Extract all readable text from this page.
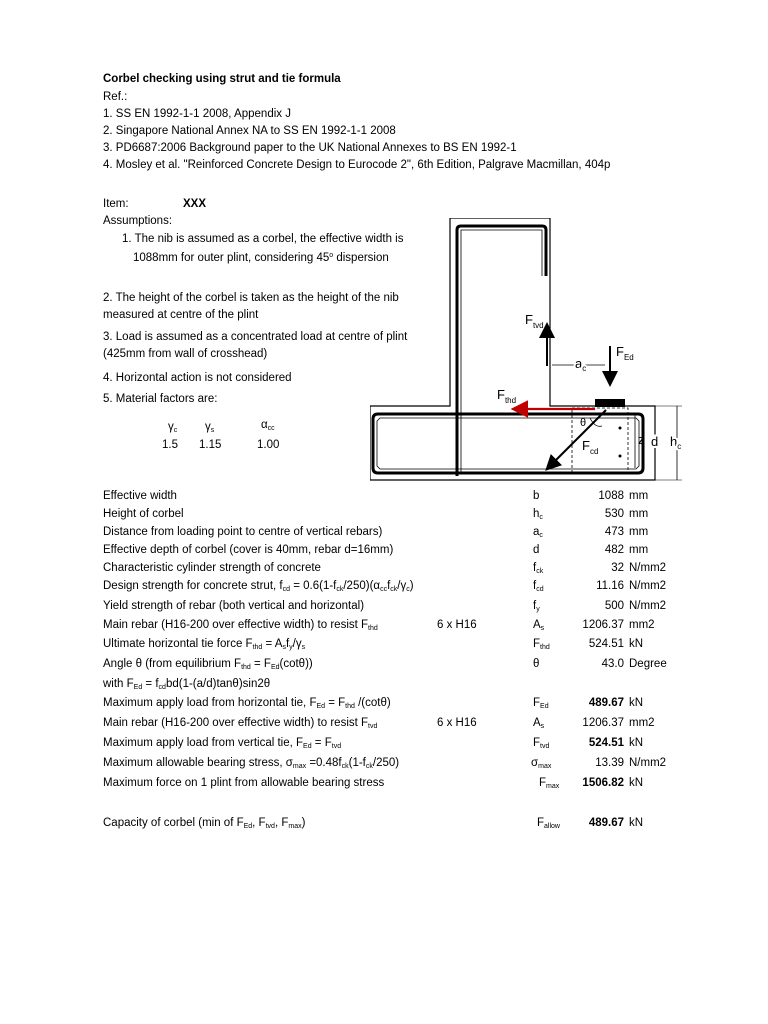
Corbel checking using strut and tie formula
Ref.:
1. SS EN 1992-1-1 2008, Appendix J
2. Singapore National Annex NA to SS EN 1992-1-1 2008
3. PD6687:2006 Background paper to the UK National Annexes to BS EN 1992-1
4. Mosley et al. "Reinforced Concrete Design to Eurocode 2", 6th Edition, Palgrave Macmillan, 404p
Item:	XXX
Assumptions:
1. The nib is assumed as a corbel, the effective width is
1088mm for outer plint, considering 45$^o$ dispersion
2. The height of the corbel is taken as the height of the nib
measured at centre of the plint
3. Load is assumed as a concentrated load at centre of plint
(425mm from wall of crosshead)
4. Horizontal action is not considered
5. Material factors are:
$\gamma_c$ $\gamma_s$	$\alpha_{cc}$
1.5 1.15	1.00
$F_{tvd}$
$F_{Ed}$
$a_c$
$F_{thd}$
$F_{cd}$
θ
z d $h_c$
Effective width	b	1088 mm
Height of corbel	$h_c$	530 mm
Distance from loading point to centre of vertical rebars)	$a_c$	473 mm
Effective depth of corbel (cover is 40mm, rebar d=16mm)	d	482 mm
Characteristic cylinder strength of concrete	$f_{ck}$	32 N/mm2
Design strength for concrete strut, $f_{cd} = 0.6(1-f_{ck}/250)(\alpha_{cc}f_{ck}/\gamma_c)$	$f_{cd}$	11.16 N/mm2
Yield strength of rebar (both vertical and horizontal)	$f_y$	500 N/mm2
Main rebar (H16-200 over effective width) to resist $F_{thd}$	6 x H16	$A_s$	1206.37 mm2
Ultimate horizontal tie force $F_{thd} = A_sf_y/\gamma_s$	$F_{thd}$	524.51 kN
Angle θ (from equilibrium $F_{thd} = F_{Ed}(\cot\theta)$)	θ	43.0 Degree
with $F_{Ed} = f_{cd}bd(1-(a/d)\tan\theta)\sin 2\theta$
Maximum apply load from horizontal tie, $F_{Ed} = F_{thd}$ /(cotθ)	$F_{Ed}$	489.67 kN
Main rebar (H16-200 over effective width) to resist $F_{tvd}$	6 x H16	$A_s$	1206.37 mm2
Maximum apply load from vertical tie, $F_{Ed} = F_{tvd}$	$F_{tvd}$	524.51 kN
Maximum allowable bearing stress, $\sigma_{max} =0.48f_{ck}(1-f_{ck}/250)$	$\sigma_{max}$	13.39 N/mm2
Maximum force on 1 plint from allowable bearing stress	$F_{max}$	1506.82 kN
Capacity of corbel (min of $F_{Ed}$, $F_{tvd}$, $F_{max}$)	$F_{allow}$	489.67 kN
